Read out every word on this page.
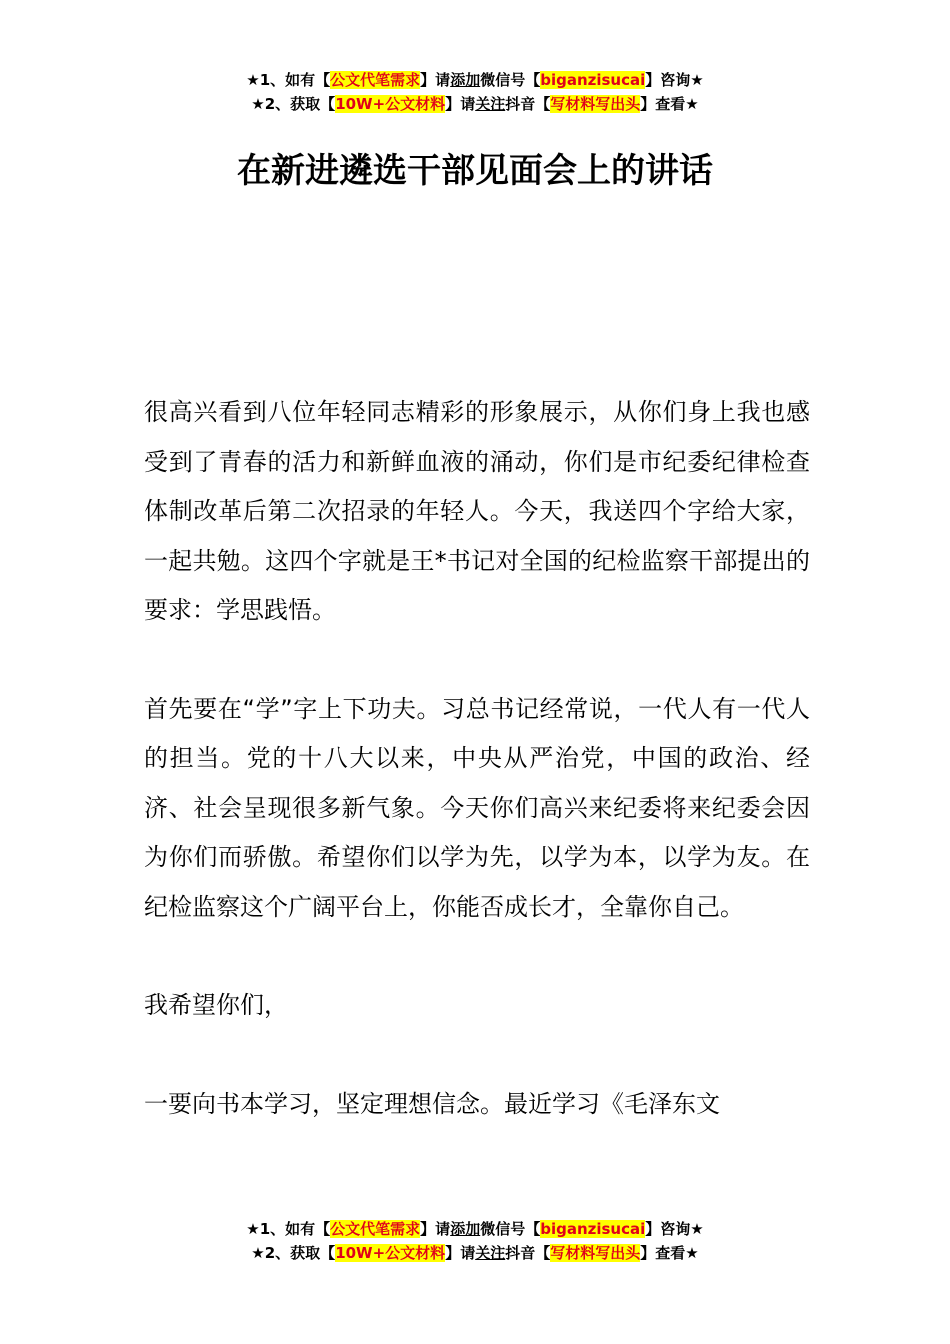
★1、如有【公文代笔需求】请添加微信号【biganzisucai】咨询★
★2、获取【10W+公文材料】请关注抖音【写材料写出头】查看★
在新进遴选干部见面会上的讲话

很高兴看到八位年轻同志精彩的形象展示，从你们身上我也感受到了青春的活力和新鲜血液的涌动，你们是市纪委纪律检查体制改革后第二次招录的年轻人。今天，我送四个字给大家，一起共勉。这四个字就是王*书记对全国的纪检监察干部提出的要求：学思践悟。

首先要在“学”字上下功夫。习总书记经常说，一代人有一代人的担当。党的十八大以来，中央从严治党，中国的政治、经济、社会呈现很多新气象。今天你们高兴来纪委将来纪委会因为你们而骄傲。希望你们以学为先，以学为本，以学为友。在纪检监察这个广阔平台上，你能否成长才，全靠你自己。

我希望你们，

一要向书本学习，坚定理想信念。最近学习《毛泽东文

★1、如有【公文代笔需求】请添加微信号【biganzisucai】咨询★
★2、获取【10W+公文材料】请关注抖音【写材料写出头】查看★
